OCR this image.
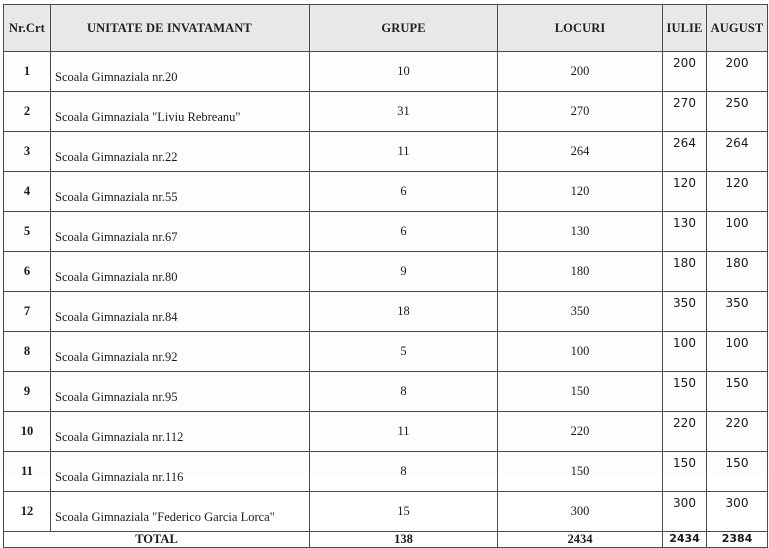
Nr.Crt	UNITATE DE INVATAMANT	GRUPE	LOCURI	IULIE	AUGUST
1	Scoala Gimnaziala nr.20	10	200	200	200
2	Scoala Gimnaziala "Liviu Rebreanu"	31	270	270	250
3	Scoala Gimnaziala nr.22	11	264	264	264
4	Scoala Gimnaziala nr.55	6	120	120	120
5	Scoala Gimnaziala nr.67	6	130	130	100
6	Scoala Gimnaziala nr.80	9	180	180	180
7	Scoala Gimnaziala nr.84	18	350	350	350
8	Scoala Gimnaziala nr.92	5	100	100	100
9	Scoala Gimnaziala nr.95	8	150	150	150
10	Scoala Gimnaziala nr.112	11	220	220	220
11	Scoala Gimnaziala nr.116	8	150	150	150
12	Scoala Gimnaziala "Federico Garcia Lorca"	15	300	300	300
TOTAL		138	2434	2434	2384
